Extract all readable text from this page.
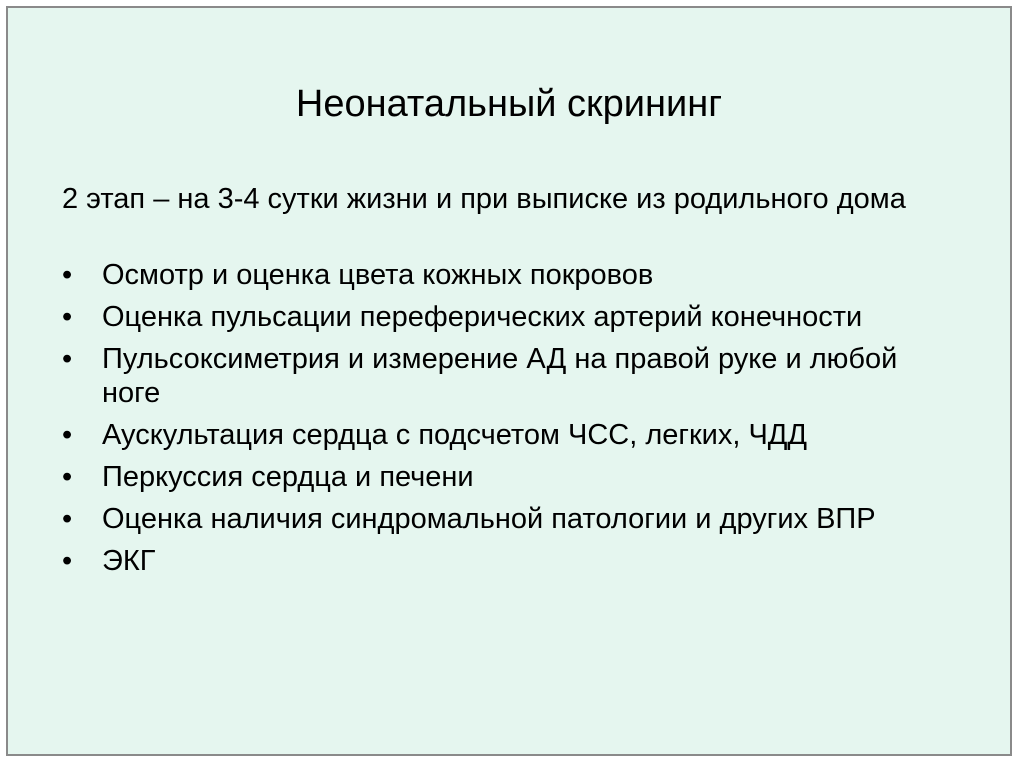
Неонатальный скрининг
2 этап – на 3-4 сутки жизни и при выписке из родильного дома
• Осмотр и оценка цвета кожных покровов
• Оценка пульсации переферических артерий конечности
• Пульсоксиметрия и измерение АД на правой руке и любой ноге
• Аускультация сердца с подсчетом ЧСС, легких, ЧДД
• Перкуссия сердца и печени
• Оценка наличия синдромальной патологии и других ВПР
• ЭКГ
